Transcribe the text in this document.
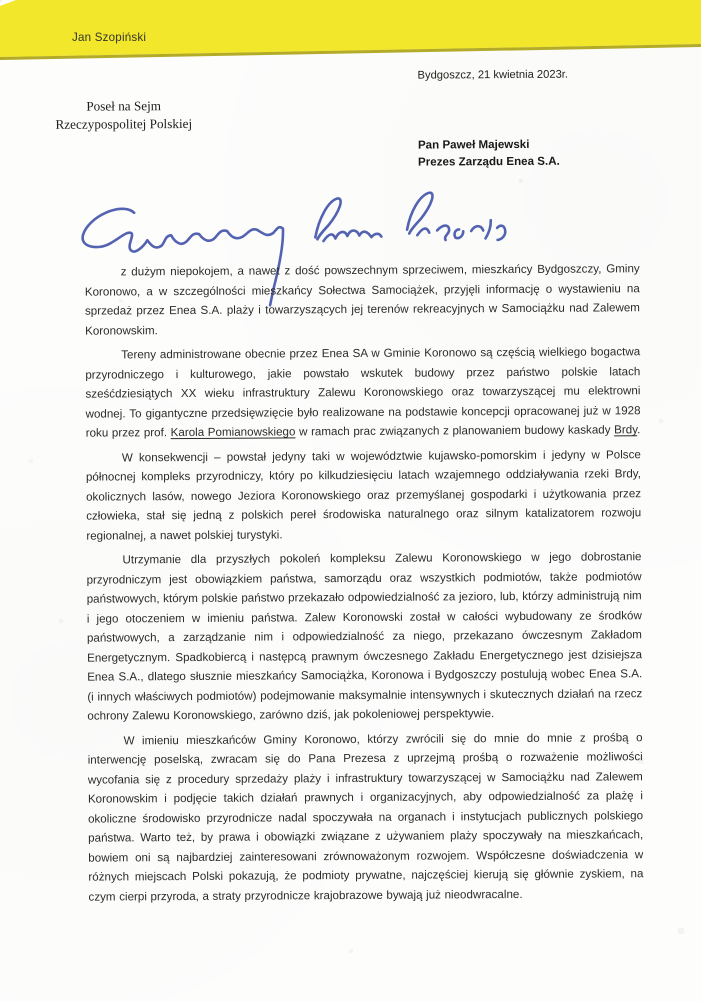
Jan Szopiński
Bydgoszcz, 21 kwietnia 2023r.
Poseł na Sejm
Rzeczypospolitej Polskiej
Pan Paweł Majewski
Prezes Zarządu Enea S.A.

z dużym niepokojem, a nawet z dość powszechnym sprzeciwem, mieszkańcy Bydgoszczy, Gminy Koronowo, a w szczególności mieszkańcy Sołectwa Samociążek, przyjęli informację o wystawieniu na sprzedaż przez Enea S.A. plaży i towarzyszących jej terenów rekreacyjnych w Samociążku nad Zalewem Koronowskim.

Tereny administrowane obecnie przez Enea SA w Gminie Koronowo są częścią wielkiego bogactwa przyrodniczego i kulturowego, jakie powstało wskutek budowy przez państwo polskie latach sześćdziesiątych XX wieku infrastruktury Zalewu Koronowskiego oraz towarzyszącej mu elektrowni wodnej. To gigantyczne przedsięwzięcie było realizowane na podstawie koncepcji opracowanej już w 1928 roku przez prof. Karola Pomianowskiego w ramach prac związanych z planowaniem budowy kaskady Brdy.

W konsekwencji – powstał jedyny taki w województwie kujawsko-pomorskim i jedyny w Polsce północnej kompleks przyrodniczy, który po kilkudziesięciu latach wzajemnego oddziaływania rzeki Brdy, okolicznych lasów, nowego Jeziora Koronowskiego oraz przemyślanej gospodarki i użytkowania przez człowieka, stał się jedną z polskich pereł środowiska naturalnego oraz silnym katalizatorem rozwoju regionalnej, a nawet polskiej turystyki.

Utrzymanie dla przyszłych pokoleń kompleksu Zalewu Koronowskiego w jego dobrostanie przyrodniczym jest obowiązkiem państwa, samorządu oraz wszystkich podmiotów, także podmiotów państwowych, którym polskie państwo przekazało odpowiedzialność za jezioro, lub, którzy administrują nim i jego otoczeniem w imieniu państwa. Zalew Koronowski został w całości wybudowany ze środków państwowych, a zarządzanie nim i odpowiedzialność za niego, przekazano ówczesnym Zakładom Energetycznym. Spadkobiercą i następcą prawnym ówczesnego Zakładu Energetycznego jest dzisiejsza Enea S.A., dlatego słusznie mieszkańcy Samociążka, Koronowa i Bydgoszczy postulują wobec Enea S.A. (i innych właściwych podmiotów) podejmowanie maksymalnie intensywnych i skutecznych działań na rzecz ochrony Zalewu Koronowskiego, zarówno dziś, jak pokoleniowej perspektywie.

W imieniu mieszkańców Gminy Koronowo, którzy zwrócili się do mnie do mnie z prośbą o interwencję poselską, zwracam się do Pana Prezesa z uprzejmą prośbą o rozważenie możliwości wycofania się z procedury sprzedaży plaży i infrastruktury towarzyszącej w Samociążku nad Zalewem Koronowskim i podjęcie takich działań prawnych i organizacyjnych, aby odpowiedzialność za plażę i okoliczne środowisko przyrodnicze nadal spoczywała na organach i instytucjach publicznych polskiego państwa. Warto też, by prawa i obowiązki związane z używaniem plaży spoczywały na mieszkańcach, bowiem oni są najbardziej zainteresowani zrównoważonym rozwojem. Współczesne doświadczenia w różnych miejscach Polski pokazują, że podmioty prywatne, najczęściej kierują się głównie zyskiem, na czym cierpi przyroda, a straty przyrodnicze krajobrazowe bywają już nieodwracalne.
